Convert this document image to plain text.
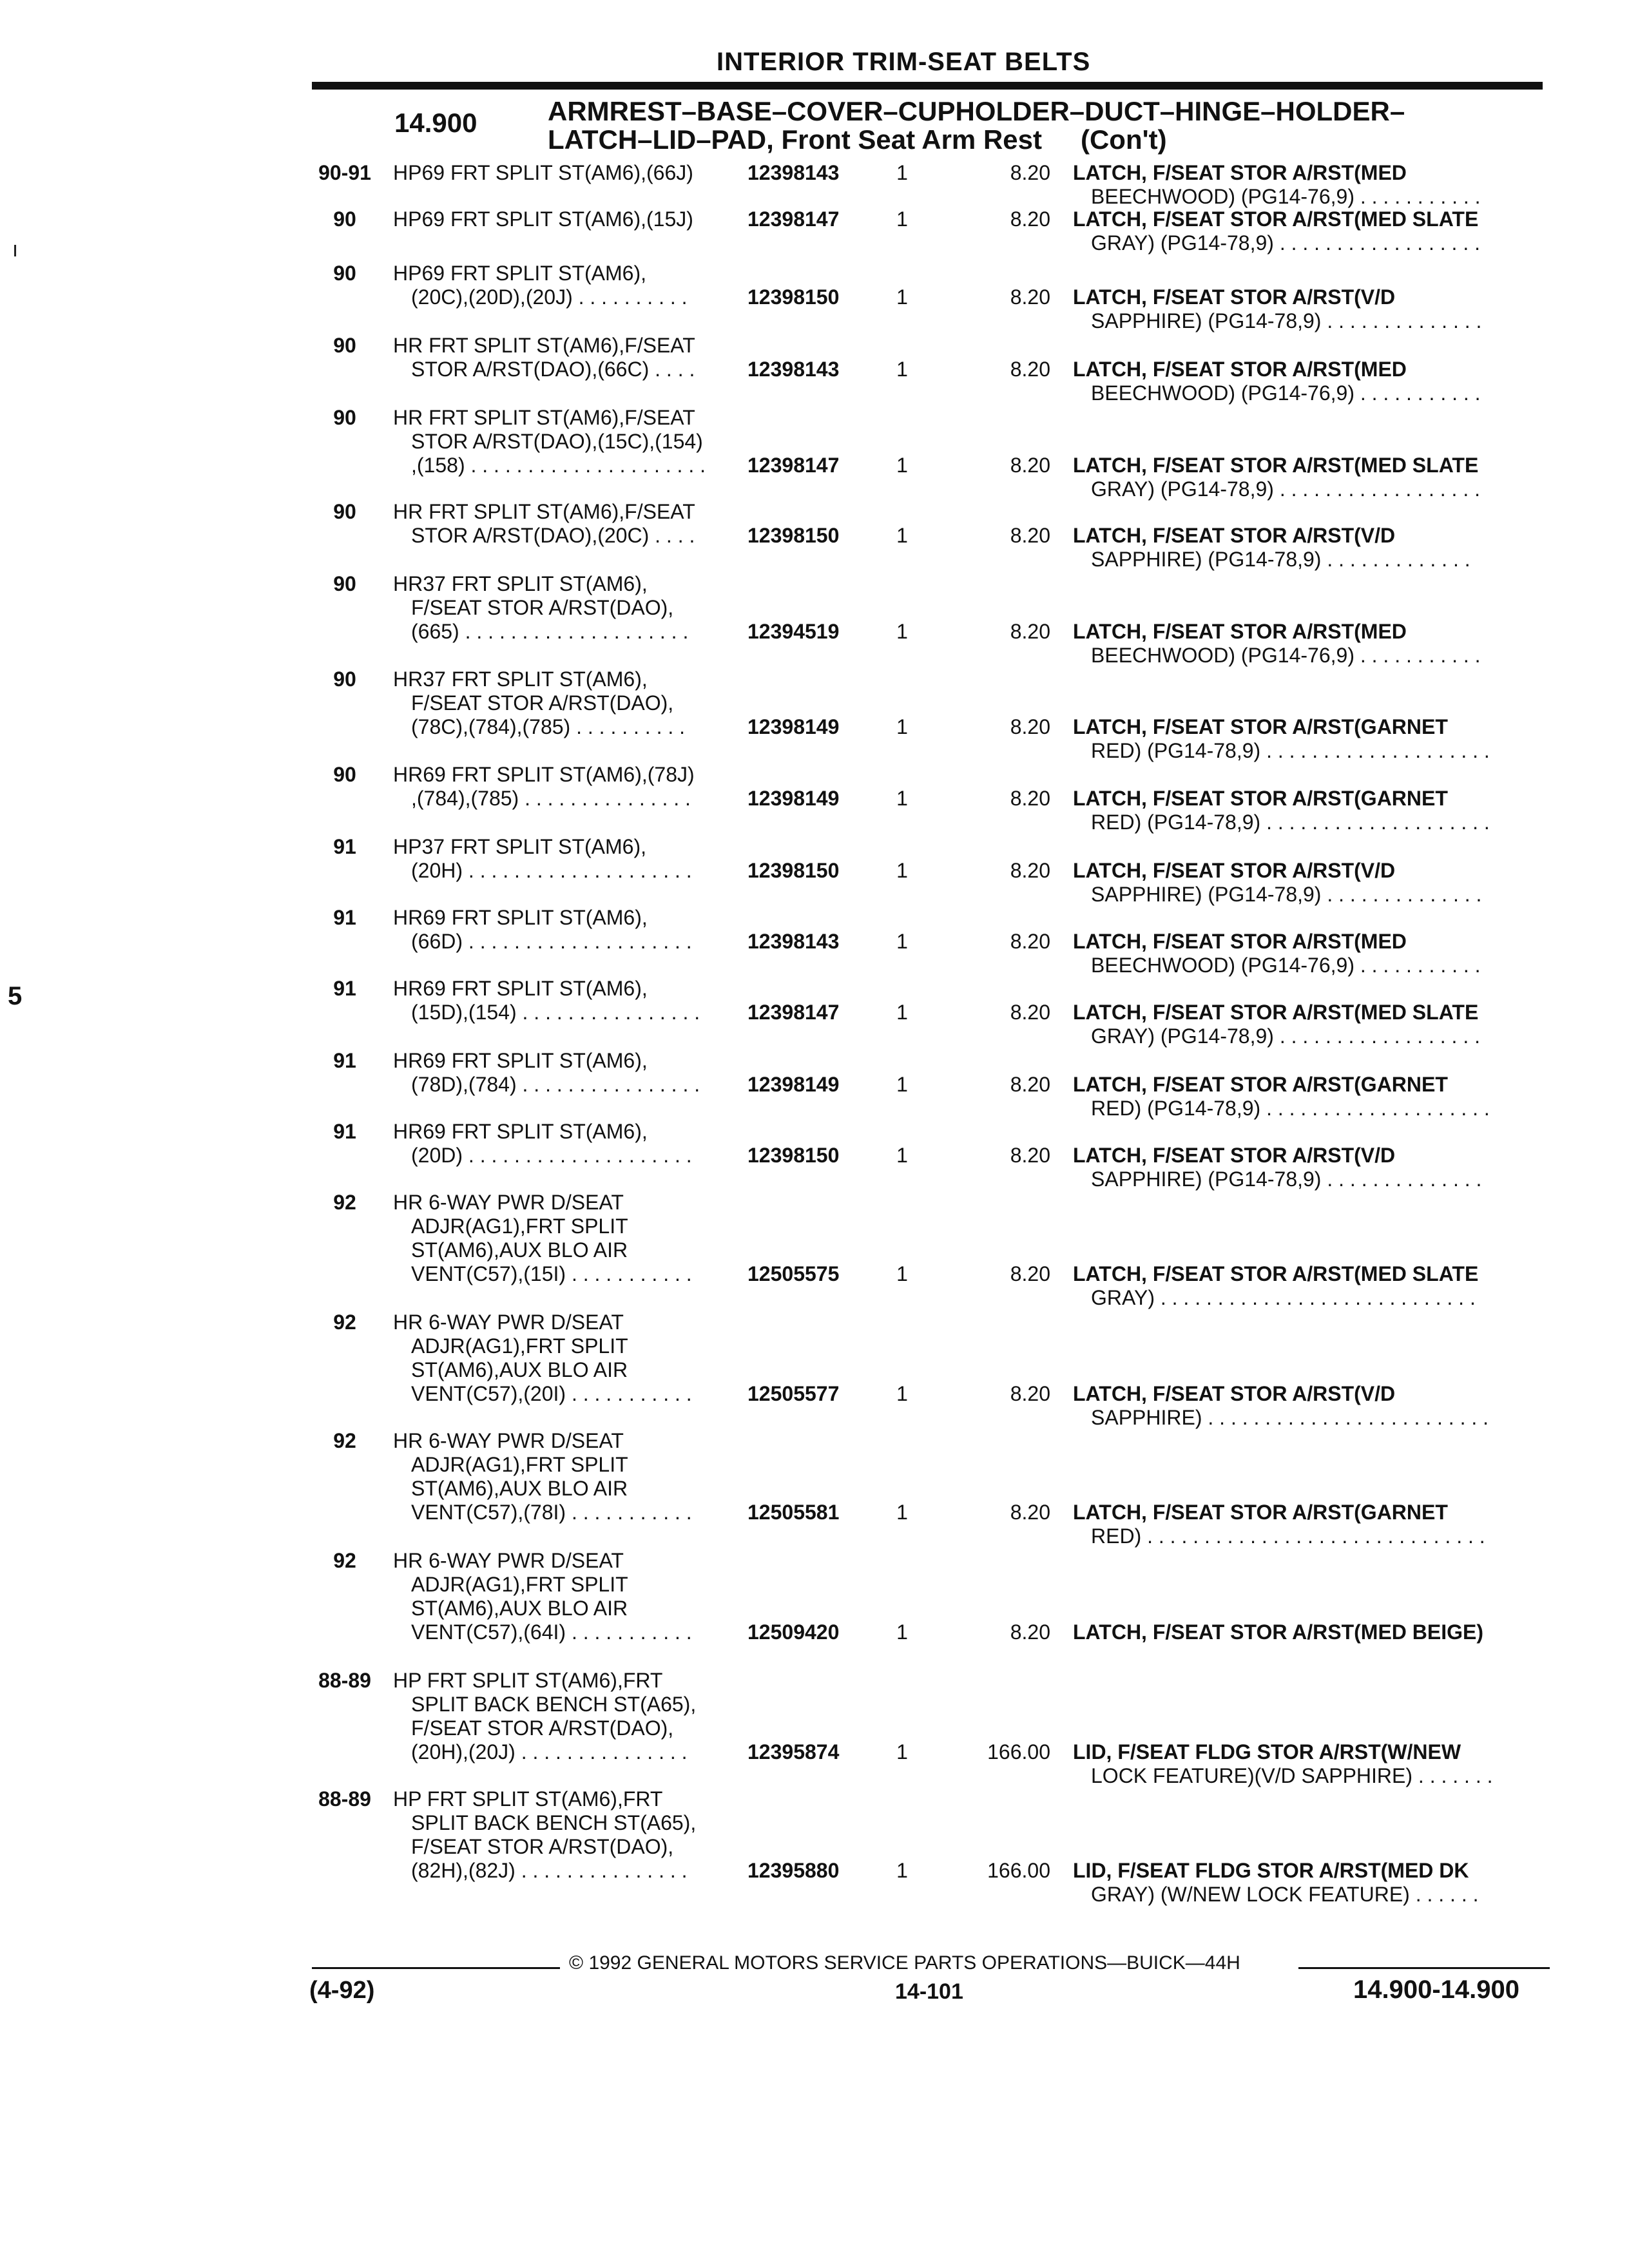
INTERIOR TRIM-SEAT BELTS
14.900	ARMREST–BASE–COVER–CUPHOLDER–DUCT–HINGE–HOLDER–
LATCH–LID–PAD, Front Seat Arm Rest (Con't)
90-91	HP69 FRT SPLIT ST(AM6),(66J)	12398143	1	8.20 LATCH, F/SEAT STOR A/RST(MED
BEECHWOOD) (PG14-76,9) . . . . . . . . . . .
90	HP69 FRT SPLIT ST(AM6),(15J)	12398147	1	8.20 LATCH, F/SEAT STOR A/RST(MED SLATE
GRAY) (PG14-78,9) . . . . . . . . . . . . . . . . . .
90	HP69 FRT SPLIT ST(AM6),
(20C),(20D),(20J) . . . . . . . . . .	12398150	1	8.20 LATCH, F/SEAT STOR A/RST(V/D
SAPPHIRE) (PG14-78,9) . . . . . . . . . . . . . .
90	HR FRT SPLIT ST(AM6),F/SEAT
STOR A/RST(DAO),(66C) . . . .	12398143	1	8.20 LATCH, F/SEAT STOR A/RST(MED
BEECHWOOD) (PG14-76,9) . . . . . . . . . . .
90	HR FRT SPLIT ST(AM6),F/SEAT
STOR A/RST(DAO),(15C),(154)
,(158) . . . . . . . . . . . . . . . . . . . . .	12398147	1	8.20 LATCH, F/SEAT STOR A/RST(MED SLATE
GRAY) (PG14-78,9) . . . . . . . . . . . . . . . . . .
90	HR FRT SPLIT ST(AM6),F/SEAT
STOR A/RST(DAO),(20C) . . . .	12398150	1	8.20 LATCH, F/SEAT STOR A/RST(V/D
SAPPHIRE) (PG14-78,9) . . . . . . . . . . . . .
90	HR37 FRT SPLIT ST(AM6),
F/SEAT STOR A/RST(DAO),
(665) . . . . . . . . . . . . . . . . . . . .	12394519	1	8.20 LATCH, F/SEAT STOR A/RST(MED
BEECHWOOD) (PG14-76,9) . . . . . . . . . . .
90	HR37 FRT SPLIT ST(AM6),
F/SEAT STOR A/RST(DAO),
(78C),(784),(785) . . . . . . . . . .	12398149	1	8.20 LATCH, F/SEAT STOR A/RST(GARNET
RED) (PG14-78,9) . . . . . . . . . . . . . . . . . . . .
90	HR69 FRT SPLIT ST(AM6),(78J)
,(784),(785) . . . . . . . . . . . . . . .	12398149	1	8.20 LATCH, F/SEAT STOR A/RST(GARNET
RED) (PG14-78,9) . . . . . . . . . . . . . . . . . . . .
91	HP37 FRT SPLIT ST(AM6),
(20H) . . . . . . . . . . . . . . . . . . . .	12398150	1	8.20 LATCH, F/SEAT STOR A/RST(V/D
SAPPHIRE) (PG14-78,9) . . . . . . . . . . . . . .
91	HR69 FRT SPLIT ST(AM6),
(66D) . . . . . . . . . . . . . . . . . . . .	12398143	1	8.20 LATCH, F/SEAT STOR A/RST(MED
BEECHWOOD) (PG14-76,9) . . . . . . . . . . .
91	HR69 FRT SPLIT ST(AM6),
(15D),(154) . . . . . . . . . . . . . . . .	12398147	1	8.20 LATCH, F/SEAT STOR A/RST(MED SLATE
GRAY) (PG14-78,9) . . . . . . . . . . . . . . . . . .
91	HR69 FRT SPLIT ST(AM6),
(78D),(784) . . . . . . . . . . . . . . . .	12398149	1	8.20 LATCH, F/SEAT STOR A/RST(GARNET
RED) (PG14-78,9) . . . . . . . . . . . . . . . . . . . .
91	HR69 FRT SPLIT ST(AM6),
(20D) . . . . . . . . . . . . . . . . . . . .	12398150	1	8.20 LATCH, F/SEAT STOR A/RST(V/D
SAPPHIRE) (PG14-78,9) . . . . . . . . . . . . . .
92	HR 6-WAY PWR D/SEAT
ADJR(AG1),FRT SPLIT
ST(AM6),AUX BLO AIR
VENT(C57),(15I) . . . . . . . . . . .	12505575	1	8.20 LATCH, F/SEAT STOR A/RST(MED SLATE
GRAY) . . . . . . . . . . . . . . . . . . . . . . . . . . . .
92	HR 6-WAY PWR D/SEAT
ADJR(AG1),FRT SPLIT
ST(AM6),AUX BLO AIR
VENT(C57),(20I) . . . . . . . . . . .	12505577	1	8.20 LATCH, F/SEAT STOR A/RST(V/D
SAPPHIRE) . . . . . . . . . . . . . . . . . . . . . . . . .
92	HR 6-WAY PWR D/SEAT
ADJR(AG1),FRT SPLIT
ST(AM6),AUX BLO AIR
VENT(C57),(78I) . . . . . . . . . . .	12505581	1	8.20 LATCH, F/SEAT STOR A/RST(GARNET
RED) . . . . . . . . . . . . . . . . . . . . . . . . . . . . . .
92	HR 6-WAY PWR D/SEAT
ADJR(AG1),FRT SPLIT
ST(AM6),AUX BLO AIR
VENT(C57),(64I) . . . . . . . . . . .	12509420	1	8.20 LATCH, F/SEAT STOR A/RST(MED BEIGE)
88-89	HP FRT SPLIT ST(AM6),FRT
SPLIT BACK BENCH ST(A65),
F/SEAT STOR A/RST(DAO),
(20H),(20J) . . . . . . . . . . . . . . .	12395874	1	166.00 LID, F/SEAT FLDG STOR A/RST(W/NEW
LOCK FEATURE)(V/D SAPPHIRE) . . . . . . .
88-89	HP FRT SPLIT ST(AM6),FRT
SPLIT BACK BENCH ST(A65),
F/SEAT STOR A/RST(DAO),
(82H),(82J) . . . . . . . . . . . . . . .	12395880	1	166.00 LID, F/SEAT FLDG STOR A/RST(MED DK
GRAY) (W/NEW LOCK FEATURE) . . . . . .
© 1992 GENERAL MOTORS SERVICE PARTS OPERATIONS—BUICK—44H
(4-92)	14-101	14.900-14.900
5
